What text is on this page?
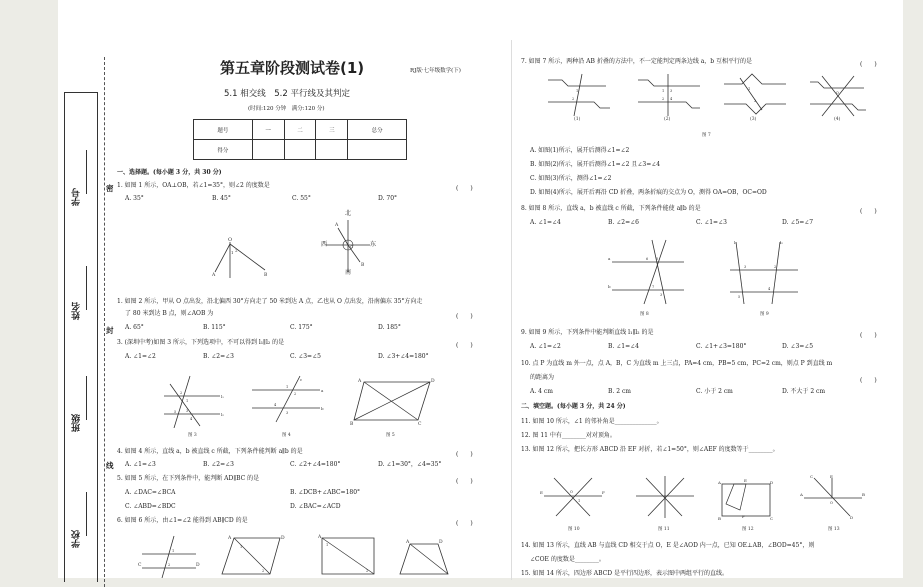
学号
姓名
班级
学校
密
封
线
第五章阶段测试卷(1)	RJ版·七年级数学(下)
5.1 相交线　5.2 平行线及其判定
(时间:120 分钟　满分:120 分)
题号	一	二	三	总分
得分				
一、选择题。(每小题 3 分，共 30 分)
1. 如图 1 所示，OA⊥OB，若∠1=35°，则∠2 的度数是	(　　)
A. 35°	B. 45°	C. 55°	D. 70°
O
1 2
A	B
A
B
O
北
南
西	东
1. 如图 2 所示，甲从 O 点出发，沿北偏西 30°方向走了 50 米到达 A 点，乙也从 O 点出发，沿南偏东 35°方向走
了 80 米到达 B 点，则∠AOB 为	(　　)
A. 65°	B. 115°	C. 175°	D. 185°
3. (深圳中考)如图 3 所示，下列选项中，不可以得到 l₁∥l₂ 的是	(　　)
A. ∠1=∠2	B. ∠2=∠3	C. ∠3=∠5	D. ∠3+∠4=180°
l₁
l₂
2
1
5	3
4
图 3
a
b
c
1
2
4
3
图 4
A	D
B	C
图 5
4. 如图 4 所示，直线 a，b 被直线 c 所截，下列条件能判断 a∥b 的是	(　　)
A. ∠1=∠3	B. ∠2=∠3	C. ∠2+∠4=180°	D. ∠1=30°，∠4=35°
5. 如图 5 所示，在下列条件中，能判断 AD∥BC 的是	(　　)
A. ∠DAC=∠BCA	B. ∠DCB+∠ABC=180°
C. ∠ABD=∠BDC	D. ∠BAC=∠ACD
6. 如图 6 所示，由∠1=∠2 能得到 AB∥CD 的是	(　　)
C
1
2	D
A	D
1
2
A
1
2
A	D
7. 如图 7 所示，两种沿 AB 折叠的方法中，不一定能判定两条边线 a，b 互相平行的是	(　　)
1
2
(1)
1 3
2 4
(2)
1
2
(3)
O
(4)
图 7
A. 如图(1)所示，展开后测得∠1=∠2
B. 如图(2)所示，展开后测得∠1=∠2 且∠3=∠4
C. 如图(3)所示，测得∠1=∠2
D. 如图(4)所示，展开后再沿 CD 折叠，两条折痕的交点为 O，测得 OA=OB，OC=OD
8. 如图 8 所示，直线 a，b 被直线 c 所截，下列条件能使 a∥b 的是	(　　)
A. ∠1=∠4	B. ∠2=∠6	C. ∠1=∠3	D. ∠5=∠7
a
b
6 5
7
3
图 8
l₁	l₂
3	2
5
4
图 9
9. 如图 9 所示，下列条件中能判断直线 l₁∥l₂ 的是	(　　)
A. ∠1=∠2	B. ∠1=∠4	C. ∠1+∠3=180°	D. ∠3=∠5
10. 点 P 为直线 m 外一点，点 A，B，C 为直线 m 上三点，PA=4 cm，PB=5 cm，PC=2 cm，则点 P 到直线 m
的距离为	(　　)
A. 4 cm	B. 2 cm	C. 小于 2 cm	D. 不大于 2 cm
二、填空题。(每小题 3 分，共 24 分)
11. 如图 10 所示，∠1 的邻补角是______________。
12. 图 11 中有________对对顶角。
13. 如图 12 所示，把长方形 ABCD 沿 EF 对折，若∠1=50°，则∠AEF 的度数等于________。
O
1
E	F
图 10	图 11
A	D
B	C
E
F
图 12
A	B
O
E
C
D
图 13
14. 如图 13 所示，直线 AB 与直线 CD 相交于点 O，E 是∠AOD 内一点，已知 OE⊥AB，∠BOD=45°，则
∠COE 的度数是________。
15. 如图 14 所示，四边形 ABCD 是平行四边形，表示图中两组平行的直线。
